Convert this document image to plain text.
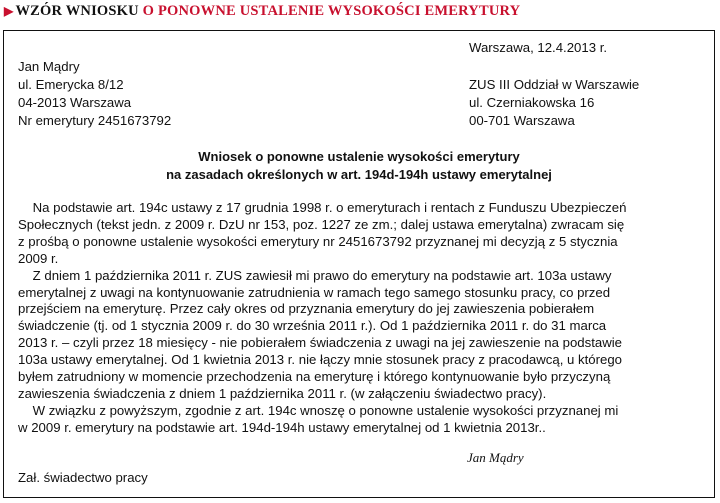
▶ WZÓR WNIOSKU O PONOWNE USTALENIE WYSOKOŚCI EMERYTURY
Warszawa, 12.4.2013 r.
Jan Mądry
ul. Emerycka 8/12
04-2013 Warszawa
Nr emerytury 2451673792
ZUS III Oddział w Warszawie
ul. Czerniakowska 16
00-701 Warszawa
Wniosek o ponowne ustalenie wysokości emerytury
na zasadach określonych w art. 194d-194h ustawy emerytalnej
Na podstawie art. 194c ustawy z 17 grudnia 1998 r. o emeryturach i rentach z Funduszu Ubezpieczeń
Społecznych (tekst jedn. z 2009 r. DzU nr 153, poz. 1227 ze zm.; dalej ustawa emerytalna) zwracam się
z prośbą o ponowne ustalenie wysokości emerytury nr 2451673792 przyznanej mi decyzją z 5 stycznia
2009 r.
Z dniem 1 października 2011 r. ZUS zawiesił mi prawo do emerytury na podstawie art. 103a ustawy
emerytalnej z uwagi na kontynuowanie zatrudnienia w ramach tego samego stosunku pracy, co przed
przejściem na emeryturę. Przez cały okres od przyznania emerytury do jej zawieszenia pobierałem
świadczenie (tj. od 1 stycznia 2009 r. do 30 września 2011 r.). Od 1 października 2011 r. do 31 marca
2013 r. – czyli przez 18 miesięcy - nie pobierałem świadczenia z uwagi na jej zawieszenie na podstawie
103a ustawy emerytalnej. Od 1 kwietnia 2013 r. nie łączy mnie stosunek pracy z pracodawcą, u którego
byłem zatrudniony w momencie przechodzenia na emeryturę i którego kontynuowanie było przyczyną
zawieszenia świadczenia z dniem 1 października 2011 r. (w załączeniu świadectwo pracy).
W związku z powyższym, zgodnie z art. 194c wnoszę o ponowne ustalenie wysokości przyznanej mi
w 2009 r. emerytury na podstawie art. 194d-194h ustawy emerytalnej od 1 kwietnia 2013r..
Jan Mądry
Zał. świadectwo pracy
